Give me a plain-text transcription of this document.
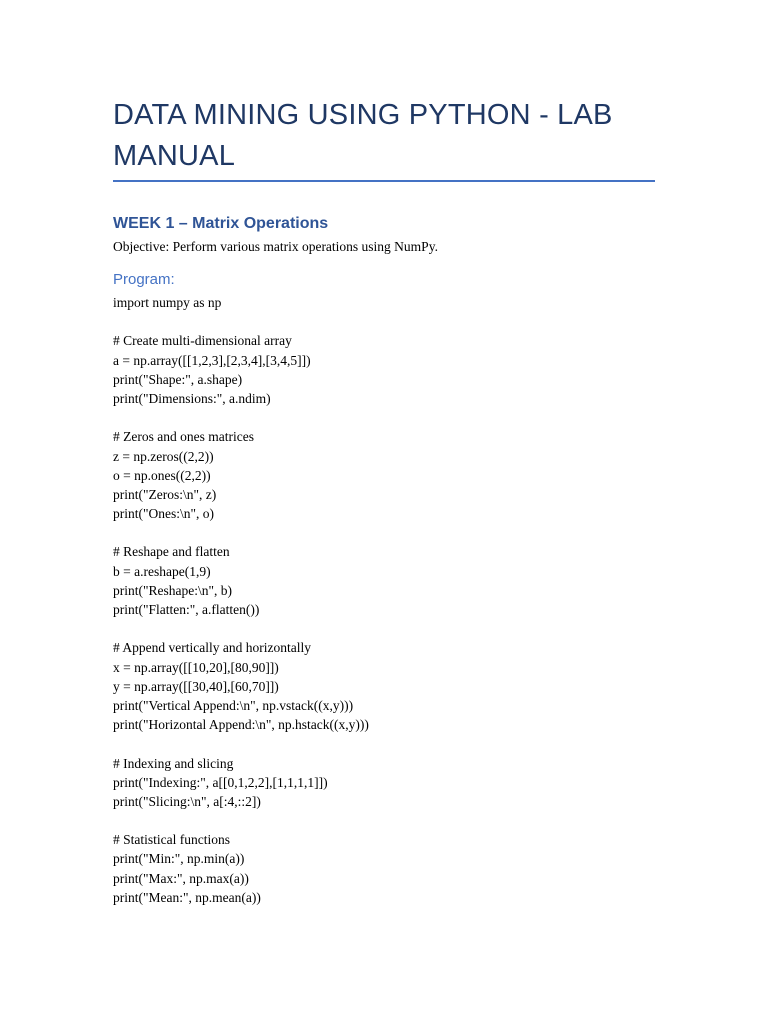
DATA MINING USING PYTHON - LAB MANUAL
WEEK 1 – Matrix Operations

Objective: Perform various matrix operations using NumPy.

Program:
import numpy as np
# Create multi-dimensional array
a = np.array([[1,2,3],[2,3,4],[3,4,5]])
print("Shape:", a.shape)
print("Dimensions:", a.ndim)
# Zeros and ones matrices
z = np.zeros((2,2))
o = np.ones((2,2))
print("Zeros:\n", z)
print("Ones:\n", o)
# Reshape and flatten
b = a.reshape(1,9)
print("Reshape:\n", b)
print("Flatten:", a.flatten())
# Append vertically and horizontally
x = np.array([[10,20],[80,90]])
y = np.array([[30,40],[60,70]])
print("Vertical Append:\n", np.vstack((x,y)))
print("Horizontal Append:\n", np.hstack((x,y)))
# Indexing and slicing
print("Indexing:", a[[0,1,2,2],[1,1,1,1]])
print("Slicing:\n", a[:4,::2])
# Statistical functions
print("Min:", np.min(a))
print("Max:", np.max(a))
print("Mean:", np.mean(a))
